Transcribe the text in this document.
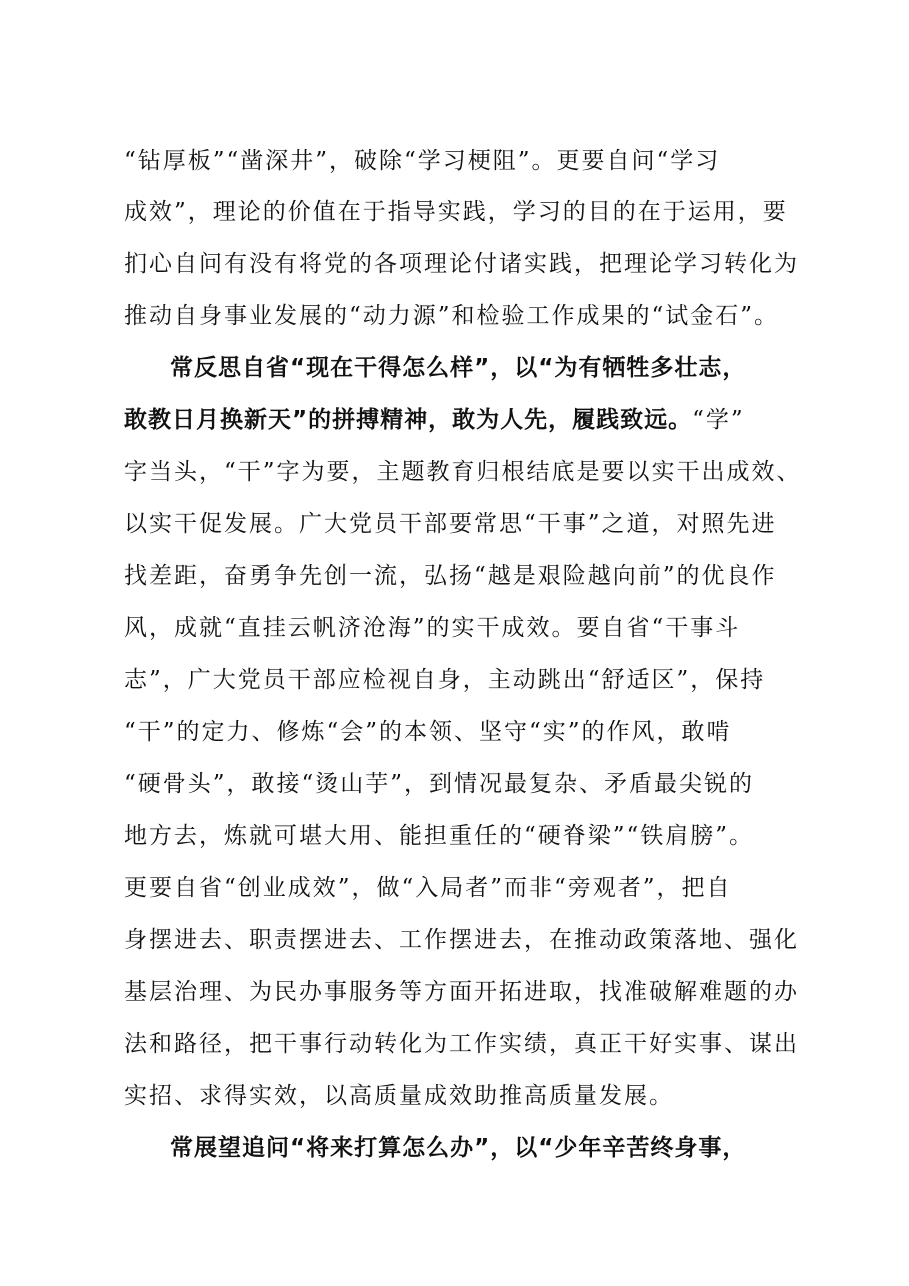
“钻厚板”“凿深井”，破除“学习梗阻”。更要自问“学习
成效”，理论的价值在于指导实践，学习的目的在于运用，要
扪心自问有没有将党的各项理论付诸实践，把理论学习转化为
推动自身事业发展的“动力源”和检验工作成果的“试金石”。
常反思自省“现在干得怎么样”，以“为有牺牲多壮志，
敢教日月换新天”的拼搏精神，敢为人先，履践致远。“学”
字当头，“干”字为要，主题教育归根结底是要以实干出成效、
以实干促发展。广大党员干部要常思“干事”之道，对照先进
找差距，奋勇争先创一流，弘扬“越是艰险越向前”的优良作
风，成就“直挂云帆济沧海”的实干成效。要自省“干事斗
志”，广大党员干部应检视自身，主动跳出“舒适区”，保持
“干”的定力、修炼“会”的本领、坚守“实”的作风，敢啃
“硬骨头”，敢接“烫山芋”，到情况最复杂、矛盾最尖锐的
地方去，炼就可堪大用、能担重任的“硬脊梁”“铁肩膀”。
更要自省“创业成效”，做“入局者”而非“旁观者”，把自
身摆进去、职责摆进去、工作摆进去，在推动政策落地、强化
基层治理、为民办事服务等方面开拓进取，找准破解难题的办
法和路径，把干事行动转化为工作实绩，真正干好实事、谋出
实招、求得实效，以高质量成效助推高质量发展。
常展望追问“将来打算怎么办”，以“少年辛苦终身事，
